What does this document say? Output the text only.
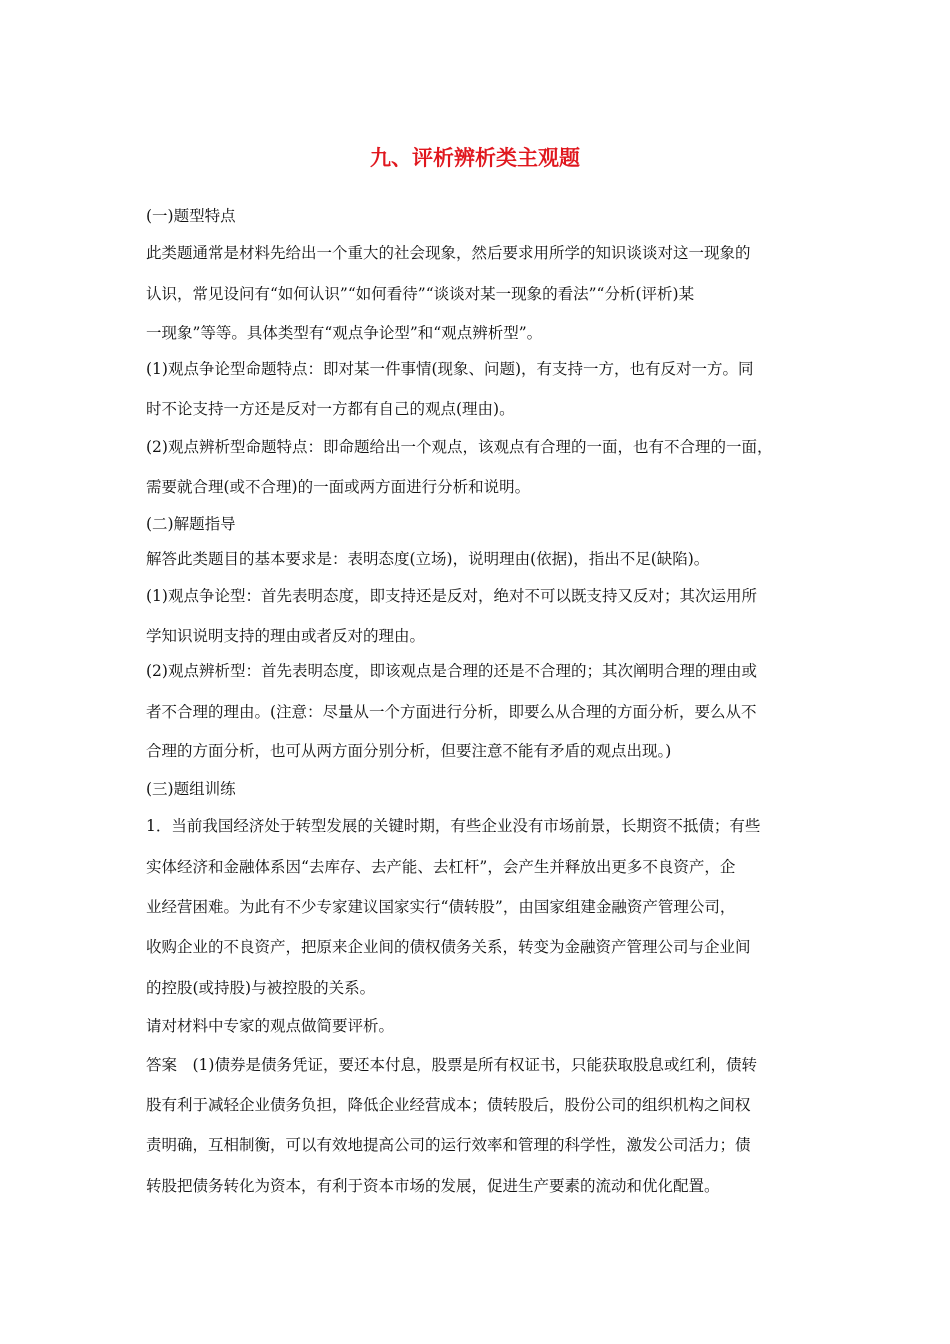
九、评析辨析类主观题
(一)题型特点
此类题通常是材料先给出一个重大的社会现象，然后要求用所学的知识谈谈对这一现象的
认识，常见设问有“如何认识”“如何看待”“谈谈对某一现象的看法”“分析(评析)某
一现象”等等。具体类型有“观点争论型”和“观点辨析型”。
(1)观点争论型命题特点：即对某一件事情(现象、问题)，有支持一方，也有反对一方。同
时不论支持一方还是反对一方都有自己的观点(理由)。
(2)观点辨析型命题特点：即命题给出一个观点，该观点有合理的一面，也有不合理的一面，
需要就合理(或不合理)的一面或两方面进行分析和说明。
(二)解题指导
解答此类题目的基本要求是：表明态度(立场)，说明理由(依据)，指出不足(缺陷)。
(1)观点争论型：首先表明态度，即支持还是反对，绝对不可以既支持又反对；其次运用所
学知识说明支持的理由或者反对的理由。
(2)观点辨析型：首先表明态度，即该观点是合理的还是不合理的；其次阐明合理的理由或
者不合理的理由。(注意：尽量从一个方面进行分析，即要么从合理的方面分析，要么从不
合理的方面分析，也可从两方面分别分析，但要注意不能有矛盾的观点出现。)
(三)题组训练
1．当前我国经济处于转型发展的关键时期，有些企业没有市场前景，长期资不抵债；有些
实体经济和金融体系因“去库存、去产能、去杠杆”，会产生并释放出更多不良资产，企
业经营困难。为此有不少专家建议国家实行“债转股”，由国家组建金融资产管理公司，
收购企业的不良资产，把原来企业间的债权债务关系，转变为金融资产管理公司与企业间
的控股(或持股)与被控股的关系。
请对材料中专家的观点做简要评析。
答案　(1)债券是债务凭证，要还本付息，股票是所有权证书，只能获取股息或红利，债转
股有利于减轻企业债务负担，降低企业经营成本；债转股后，股份公司的组织机构之间权
责明确，互相制衡，可以有效地提高公司的运行效率和管理的科学性，激发公司活力；债
转股把债务转化为资本，有利于资本市场的发展，促进生产要素的流动和优化配置。
